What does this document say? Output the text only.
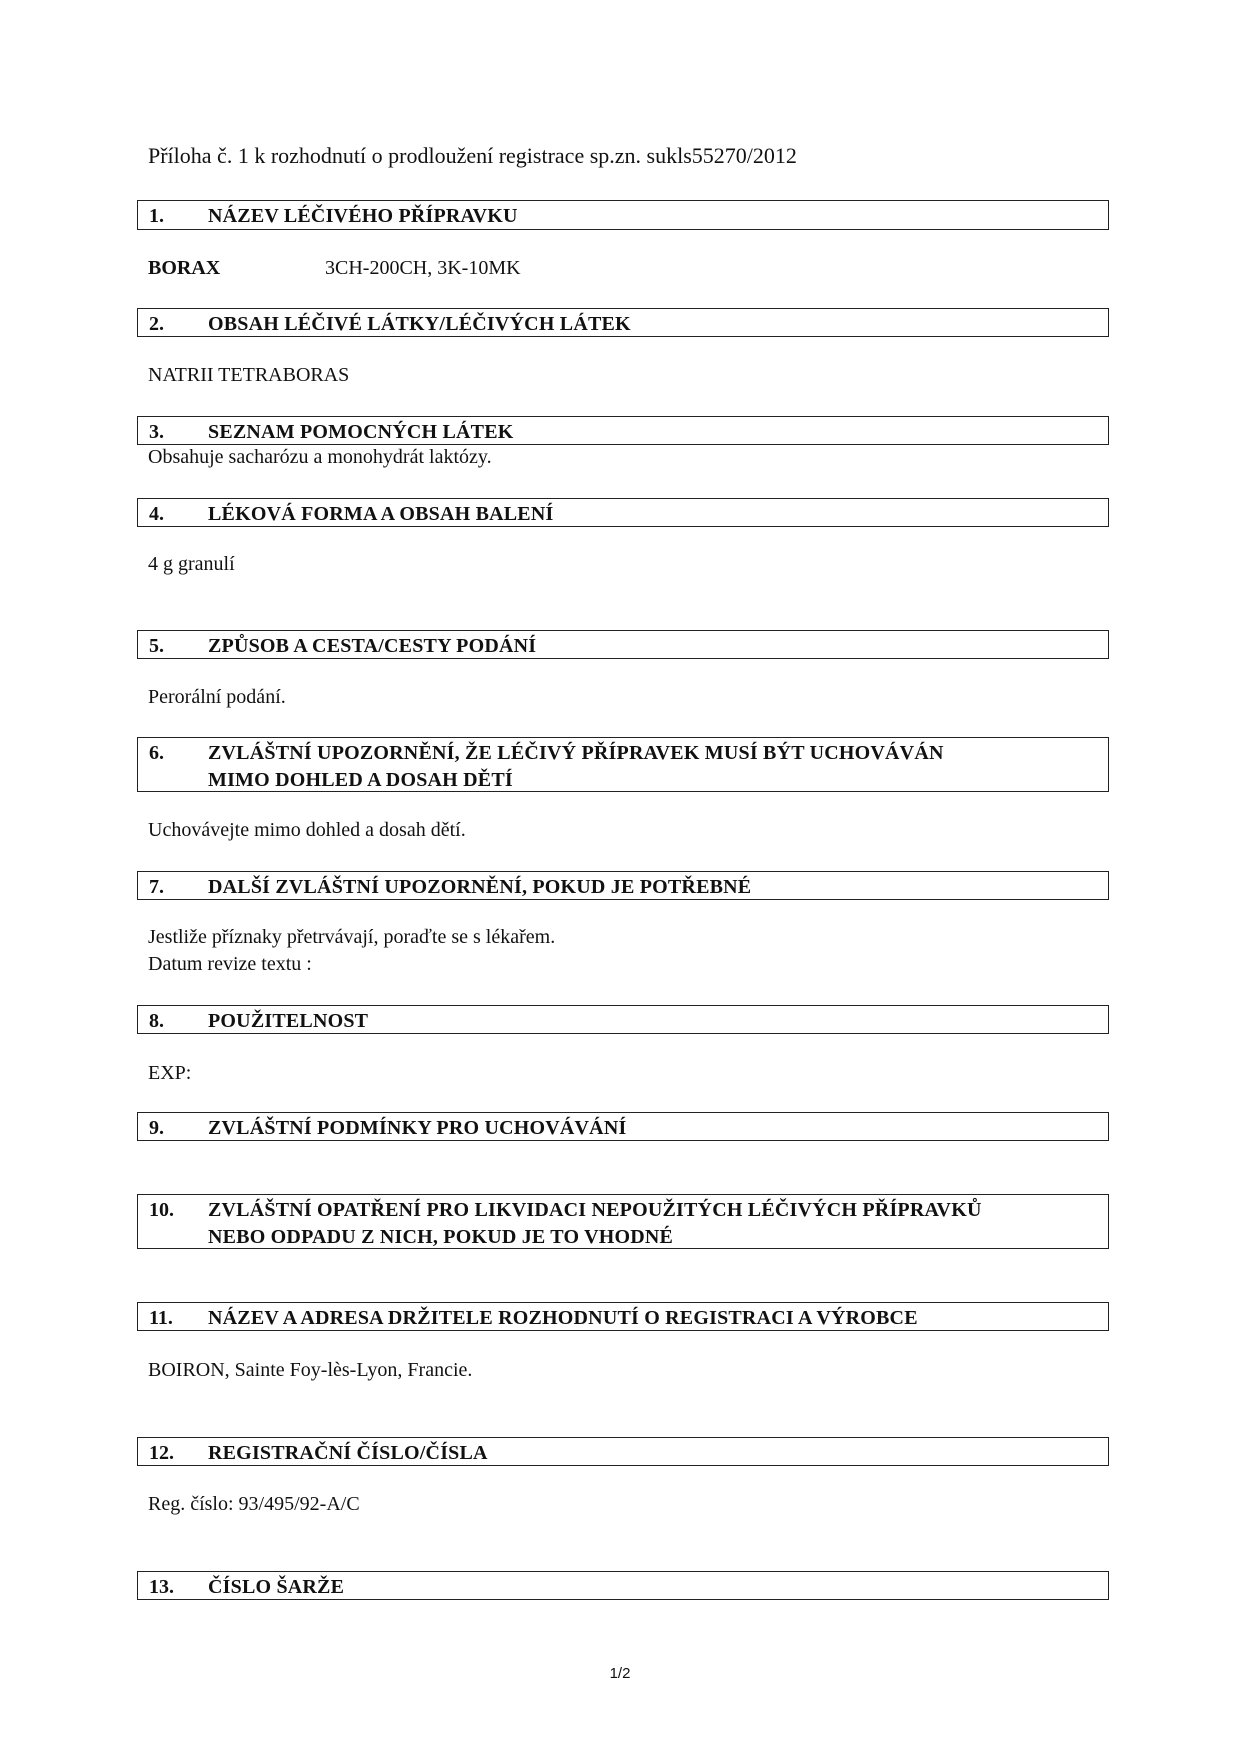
Příloha č. 1 k rozhodnutí o prodloužení registrace sp.zn. sukls55270/2012
1. NÁZEV LÉČIVÉHO PŘÍPRAVKU
BORAX	3CH-200CH, 3K-10MK
2. OBSAH LÉČIVÉ LÁTKY/LÉČIVÝCH LÁTEK
NATRII TETRABORAS
3. SEZNAM POMOCNÝCH LÁTEK
Obsahuje sacharózu a monohydrát laktózy.
4. LÉKOVÁ FORMA A OBSAH BALENÍ
4 g granulí
5. ZPŮSOB A CESTA/CESTY PODÁNÍ
Perorální podání.
6. ZVLÁŠTNÍ UPOZORNĚNÍ, ŽE LÉČIVÝ PŘÍPRAVEK MUSÍ BÝT UCHOVÁVÁN
MIMO DOHLED A DOSAH DĚTÍ
Uchovávejte mimo dohled a dosah dětí.
7. DALŠÍ ZVLÁŠTNÍ UPOZORNĚNÍ, POKUD JE POTŘEBNÉ
Jestliže příznaky přetrvávají, poraďte se s lékařem.
Datum revize textu :
8. POUŽITELNOST
EXP:
9. ZVLÁŠTNÍ PODMÍNKY PRO UCHOVÁVÁNÍ
10. ZVLÁŠTNÍ OPATŘENÍ PRO LIKVIDACI NEPOUŽITÝCH LÉČIVÝCH PŘÍPRAVKŮ
NEBO ODPADU Z NICH, POKUD JE TO VHODNÉ
11. NÁZEV A ADRESA DRŽITELE ROZHODNUTÍ O REGISTRACI A VÝROBCE
BOIRON, Sainte Foy-lès-Lyon, Francie.
12. REGISTRAČNÍ ČÍSLO/ČÍSLA
Reg. číslo: 93/495/92-A/C
13. ČÍSLO ŠARŽE
1/2
